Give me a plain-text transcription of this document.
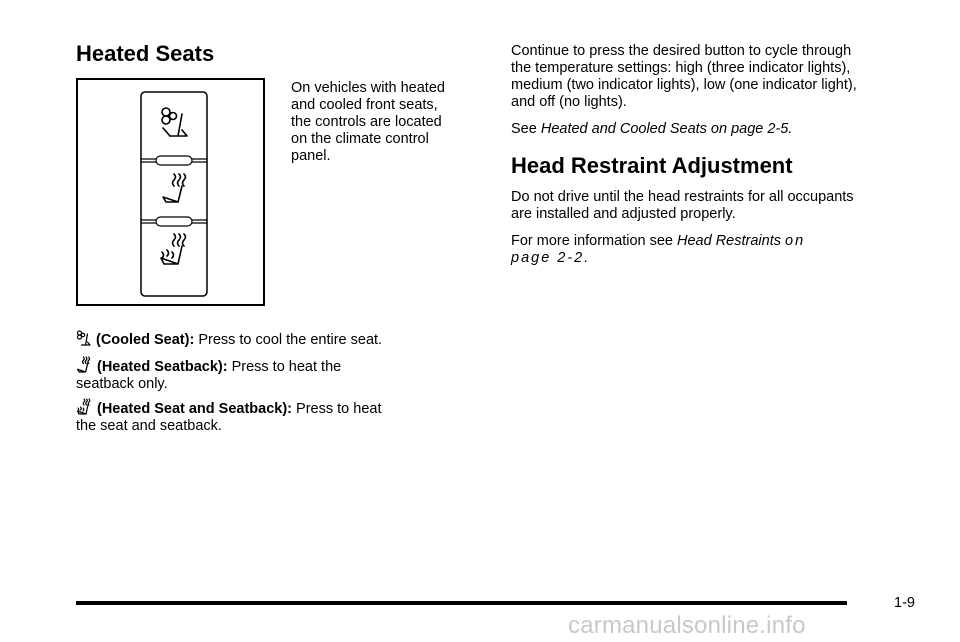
Heated Seats

On vehicles with heated

and cooled front seats,

the controls are located

on the climate control

panel.

(Cooled Seat): Press to cool the entire seat.

(Heated Seatback): Press to heat the

seatback only.

(Heated Seat and Seatback): Press to heat

the seat and seatback.

Continue to press the desired button to cycle through

the temperature settings: high (three indicator lights),

medium (two indicator lights), low (one indicator light),

and off (no lights).

See Heated and Cooled Seats on page 2-5.

Head Restraint Adjustment

Do not drive until the head restraints for all occupants

are installed and adjusted properly.

For more information see Head Restraints on

page 2-2.

1-9
carmanualsonline.info
